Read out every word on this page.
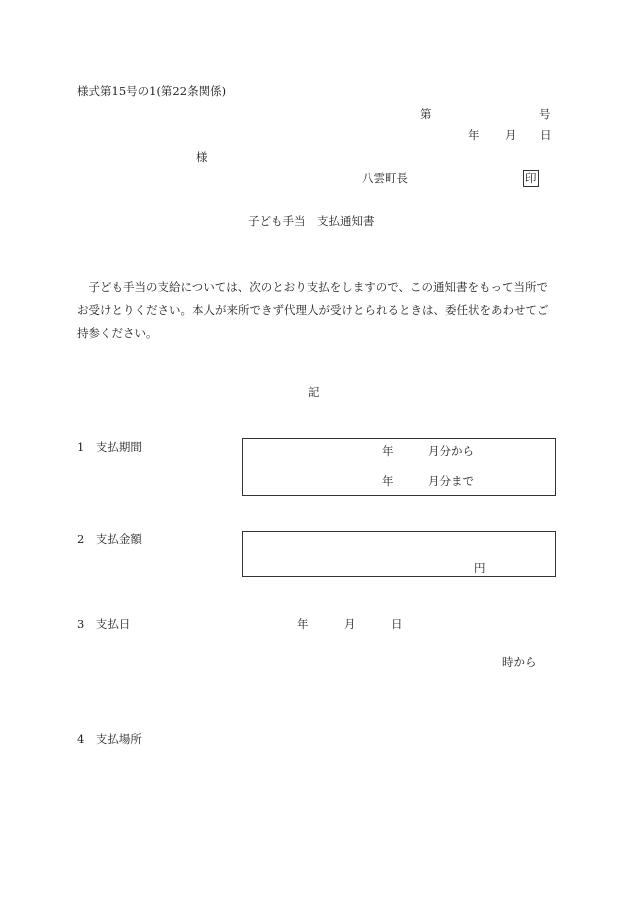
様式第15号の1(第22条関係)
第	号
年 月 日
様
八雲町長	印
子ども手当　支払通知書
子ども手当の支給については、次のとおり支払をしますので、この通知書をもって当所でお受けとりください。本人が来所できず代理人が受けとられるときは、委任状をあわせてご持参ください。
記
1　支払期間	年	月分から
年	月分まで
2　支払金額
円
3　支払日	年	月	日
時から
4　支払場所
